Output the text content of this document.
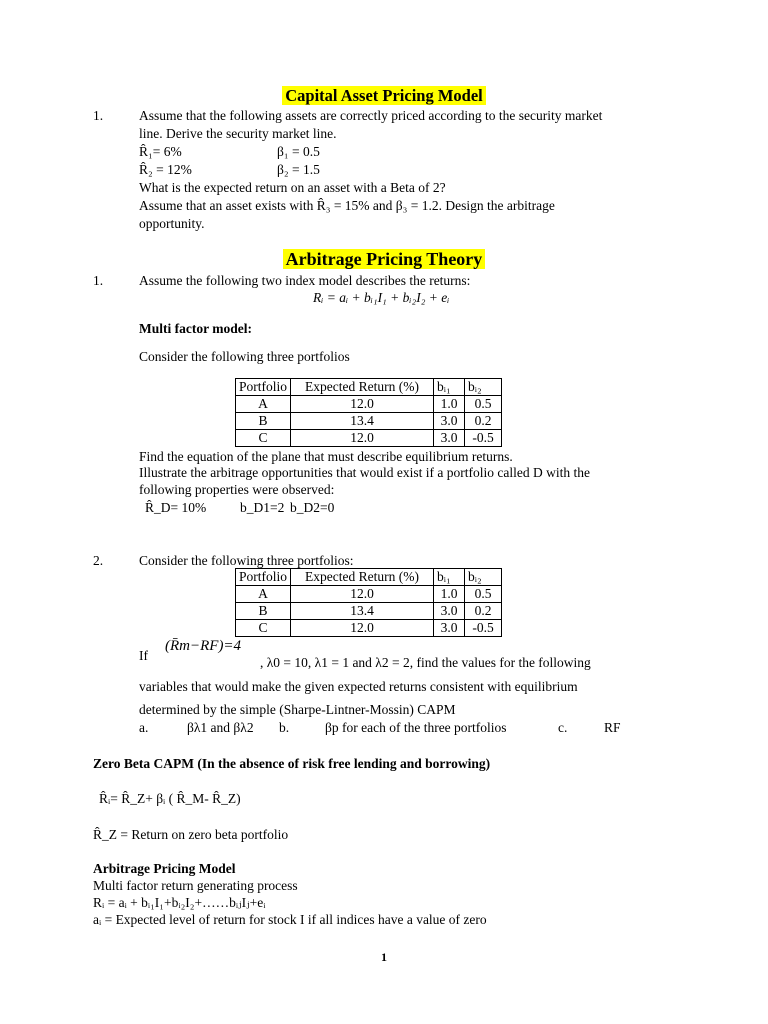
Capital Asset Pricing Model
1.	Assume that the following assets are correctly priced according to the security market
line. Derive the security market line.
R̂₁= 6%	β₁ = 0.5
R̂₂ = 12%	β₂ = 1.5
What is the expected return on an asset with a Beta of 2?
Assume that an asset exists with R̂₃ = 15% and β₃ = 1.2. Design the arbitrage
opportunity.
Arbitrage Pricing Theory
1.	Assume the following two index model describes the returns:
Rᵢ = aᵢ + bᵢ₁I₁ + bᵢ₂I₂ + eᵢ
Multi factor model:
Consider the following three portfolios
Portfolio	Expected Return (%)	bᵢ₁	bᵢ₂
A	12.0	1.0	0.5
B	13.4	3.0	0.2
C	12.0	3.0	-0.5
Find the equation of the plane that must describe equilibrium returns.
Illustrate the arbitrage opportunities that would exist if a portfolio called D with the
following properties were observed:
R̂_D= 10%	b_D1=2 b_D2=0
2.	Consider the following three portfolios:
Portfolio	Expected Return (%)	bᵢ₁	bᵢ₂
A	12.0	1.0	0.5
B	13.4	3.0	0.2
C	12.0	3.0	-0.5
If
(R̄m−RF)=4
, λ0 = 10, λ1 = 1 and λ2 = 2, find the values for the following
variables that would make the given expected returns consistent with equilibrium
determined by the simple (Sharpe-Lintner-Mossin) CAPM
a.	βλ1 and βλ2 b.	βp for each of the three portfolios	c.	RF
Zero Beta CAPM (In the absence of risk free lending and borrowing)
R̂ᵢ= R̂_Z+ βᵢ ( R̂_M- R̂_Z)
R̂_Z = Return on zero beta portfolio
Arbitrage Pricing Model
Multi factor return generating process
Rᵢ = aᵢ + bᵢ₁I₁+bᵢ₂I₂+……bᵢⱼIⱼ+eᵢ
aᵢ = Expected level of return for stock I if all indices have a value of zero
1
